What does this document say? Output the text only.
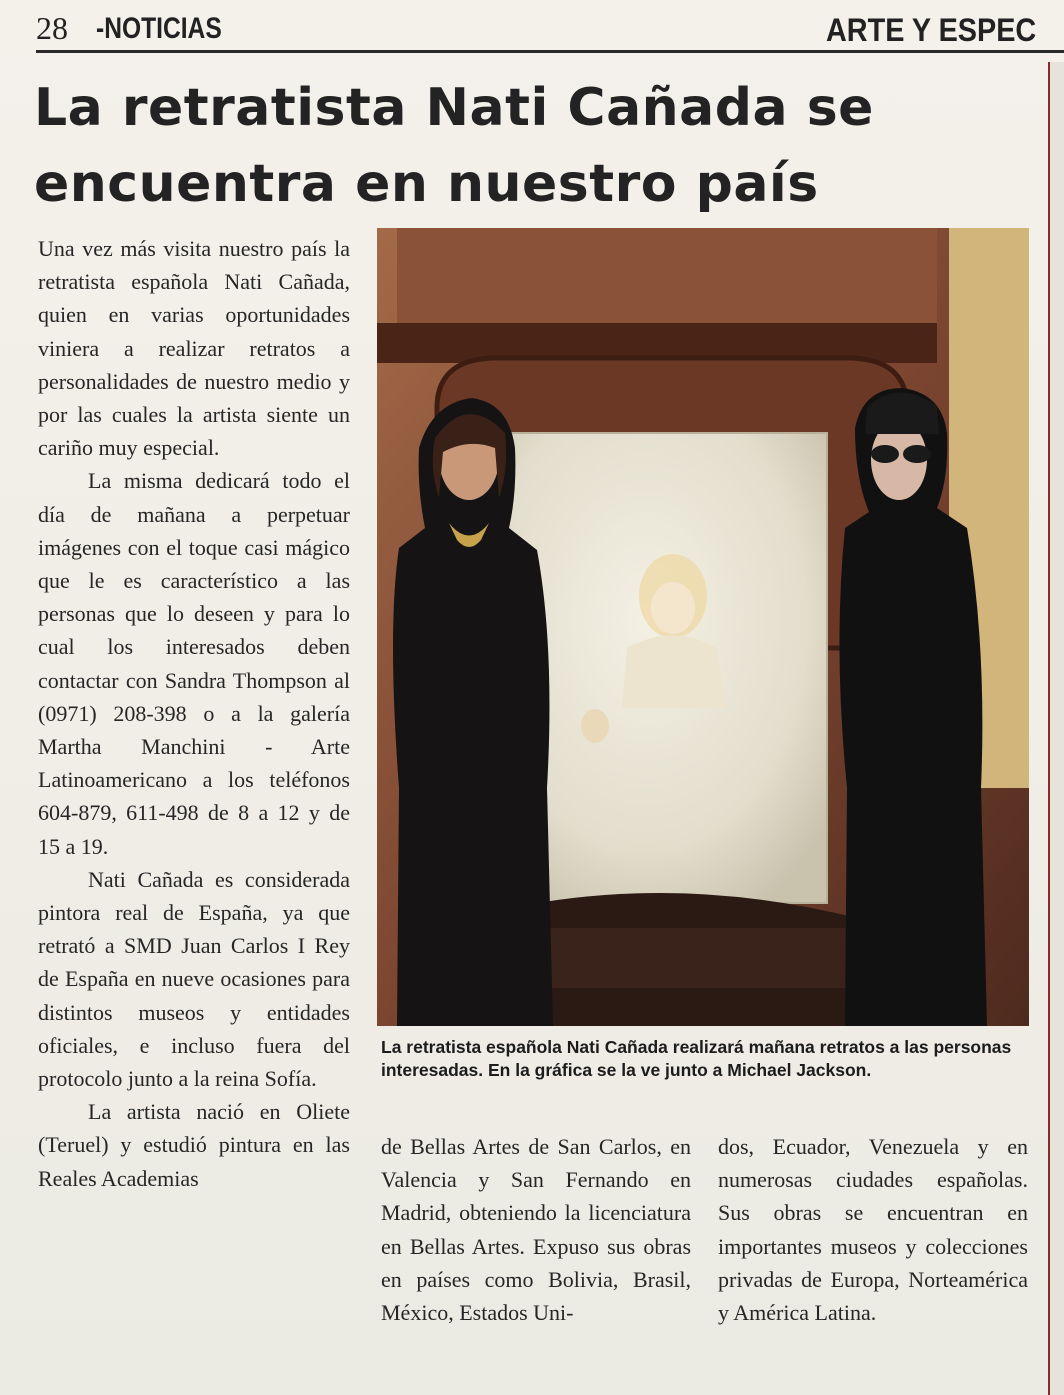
28 -NOTICIAS	ARTE Y ESPEC
La retratista Nati Cañada se
encuentra en nuestro país

Una vez más visita nuestro país la retratista española Nati Cañada, quien en varias oportunidades viniera a realizar retratos a personalidades de nuestro medio y por las cuales la artista siente un cariño muy especial.

La misma dedicará todo el día de mañana a perpetuar imágenes con el toque casi mágico que le es característico a las personas que lo deseen y para lo cual los interesados deben contactar con Sandra Thompson al (0971) 208-398 o a la galería Martha Manchini - Arte Latinoamericano a los teléfonos 604-879, 611-498 de 8 a 12 y de 15 a 19.

Nati Cañada es considerada pintora real de España, ya que retrató a SMD Juan Carlos I Rey de España en nueve ocasiones para distintos museos y entidades oficiales, e incluso fuera del protocolo junto a la reina Sofía.

La artista nació en Oliete (Teruel) y estudió pintura en las Reales Academias

La retratista española Nati Cañada realizará mañana retratos a las personas interesadas. En la gráfica se la ve junto a Michael Jackson.

de Bellas Artes de San Carlos, en Valencia y San Fernando en Madrid, obteniendo la licenciatura en Bellas Artes. Expuso sus obras en países como Bolivia, Brasil, México, Estados Uni-

dos, Ecuador, Venezuela y en numerosas ciudades españolas. Sus obras se encuentran en importantes museos y colecciones privadas de Europa, Norteamérica y América Latina.
